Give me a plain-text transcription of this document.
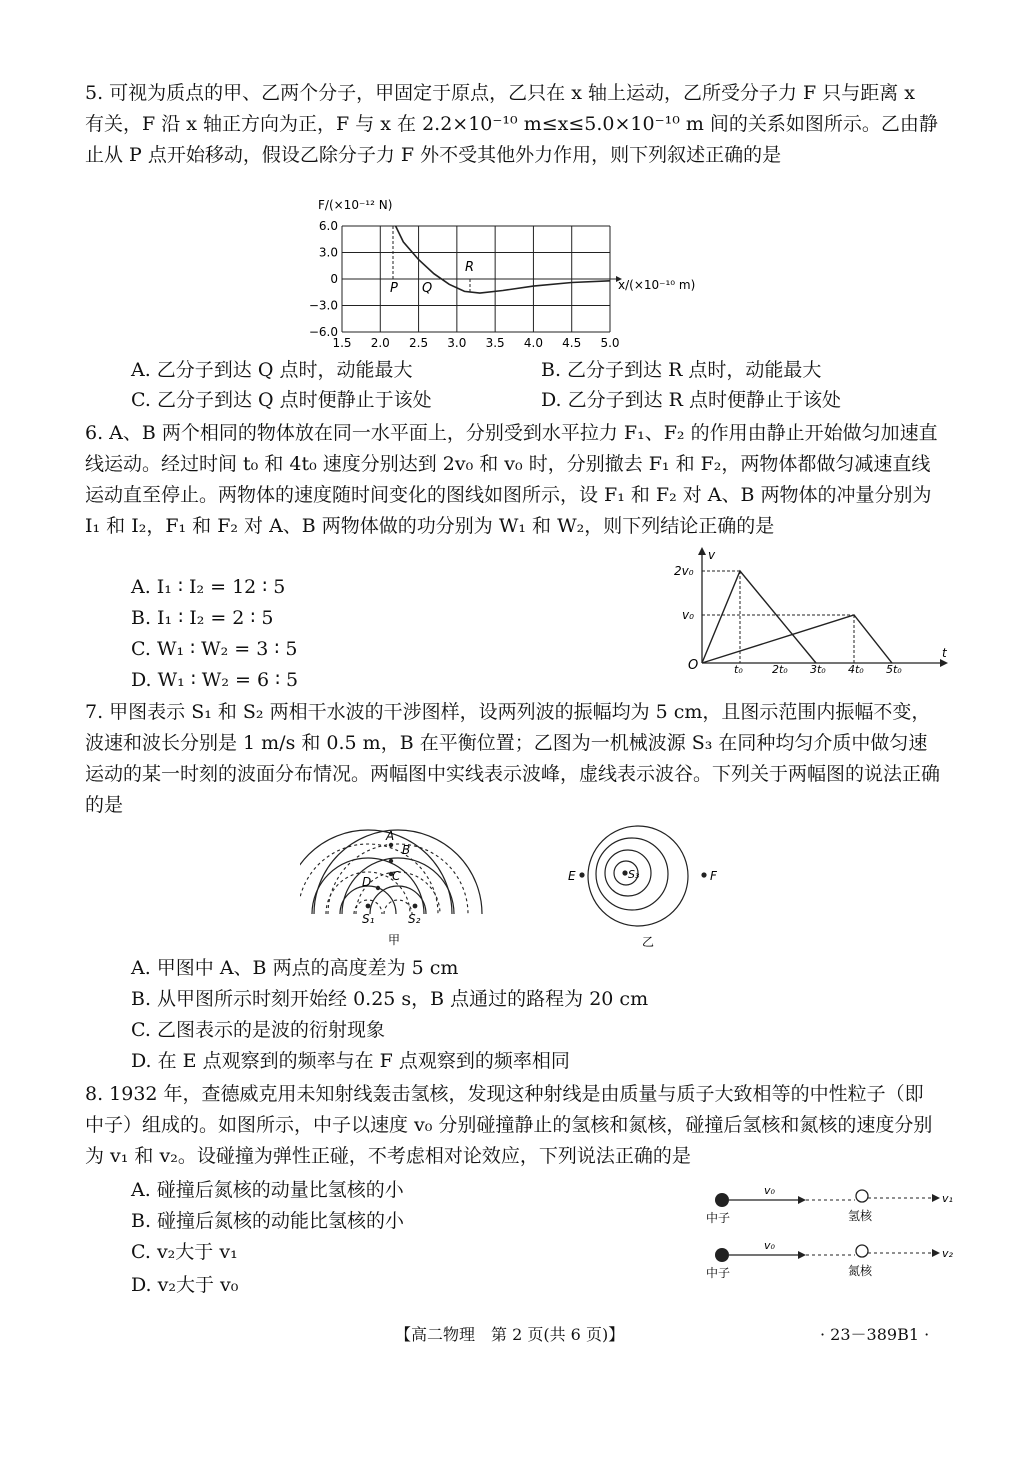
5. 可视为质点的甲、乙两个分子，甲固定于原点，乙只在 x 轴上运动，乙所受分子力 F 只与距离 x 有关，F 沿 x 轴正方向为正，F 与 x 在 2.2×10⁻¹⁰ m≤x≤5.0×10⁻¹⁰ m 间的关系如图所示。乙由静止从 P 点开始移动，假设乙除分子力 F 外不受其他外力作用，则下列叙述正确的是
F/(×10⁻¹² N)
6.0
3.0
0
−3.0
−6.0
1.5 2.0 2.5 3.0 3.5 4.0 4.5 5.0
x/(×10⁻¹⁰ m)
P Q
R
A. 乙分子到达 Q 点时，动能最大	B. 乙分子到达 R 点时，动能最大
C. 乙分子到达 Q 点时便静止于该处	D. 乙分子到达 R 点时便静止于该处
6. A、B 两个相同的物体放在同一水平面上，分别受到水平拉力 F₁、F₂ 的作用由静止开始做匀加速直线运动。经过时间 t₀ 和 4t₀ 速度分别达到 2v₀ 和 v₀ 时，分别撤去 F₁ 和 F₂，两物体都做匀减速直线运动直至停止。两物体的速度随时间变化的图线如图所示，设 F₁ 和 F₂ 对 A、B 两物体的冲量分别为 I₁ 和 I₂，F₁ 和 F₂ 对 A、B 两物体做的功分别为 W₁ 和 W₂，则下列结论正确的是
A. I₁ ∶ I₂ = 12 ∶ 5
B. I₁ ∶ I₂ = 2 ∶ 5
C. W₁ ∶ W₂ = 3 ∶ 5
D. W₁ ∶ W₂ = 6 ∶ 5
v
t
O
2v₀
v₀
t₀	2t₀ 3t₀ 4t₀ 5t₀
7. 甲图表示 S₁ 和 S₂ 两相干水波的干涉图样，设两列波的振幅均为 5 cm，且图示范围内振幅不变，波速和波长分别是 1 m/s 和 0.5 m，B 在平衡位置；乙图为一机械波源 S₃ 在同种均匀介质中做匀速运动的某一时刻的波面分布情况。两幅图中实线表示波峰，虚线表示波谷。下列关于两幅图的说法正确的是
A
B
C
D
S₁	S₂
甲
S₃
E	F
乙
A. 甲图中 A、B 两点的高度差为 5 cm
B. 从甲图所示时刻开始经 0.25 s，B 点通过的路程为 20 cm
C. 乙图表示的是波的衍射现象
D. 在 E 点观察到的频率与在 F 点观察到的频率相同
8. 1932 年，查德威克用未知射线轰击氢核，发现这种射线是由质量与质子大致相等的中性粒子（即中子）组成的。如图所示，中子以速度 v₀ 分别碰撞静止的氢核和氮核，碰撞后氢核和氮核的速度分别为 v₁ 和 v₂。设碰撞为弹性正碰，不考虑相对论效应，下列说法正确的是
A. 碰撞后氮核的动量比氢核的小
B. 碰撞后氮核的动能比氢核的小
C. v₂大于 v₁
D. v₂大于 v₀
v₀
v₁
中子	氢核
v₀
v₂
中子	氮核
【高二物理　第 2 页(共 6 页)】	· 23－389B1 ·
